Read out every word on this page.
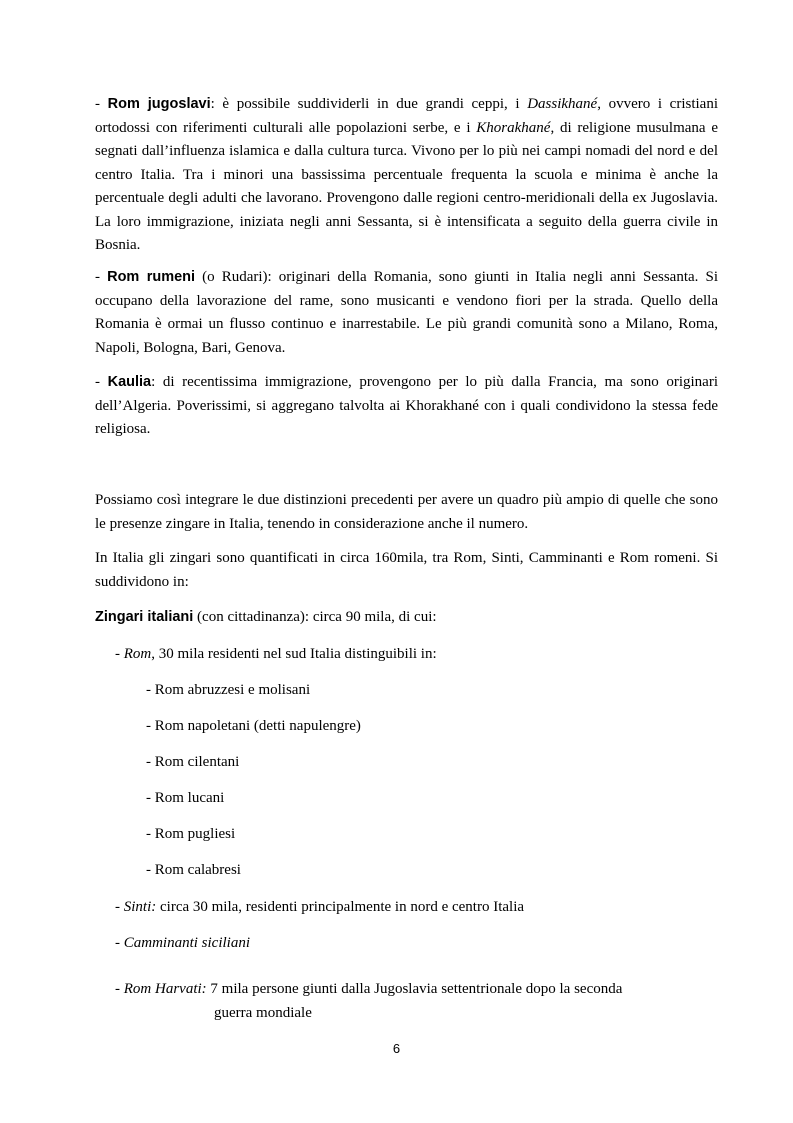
- Rom jugoslavi: è possibile suddividerli in due grandi ceppi, i Dassikhané, ovvero i cristiani ortodossi con riferimenti culturali alle popolazioni serbe, e i Khorakhané, di religione musulmana e segnati dall’influenza islamica e dalla cultura turca. Vivono per lo più nei campi nomadi del nord e del centro Italia. Tra i minori una bassissima percentuale frequenta la scuola e minima è anche la percentuale degli adulti che lavorano. Provengono dalle regioni centro-meridionali della ex Jugoslavia. La loro immigrazione, iniziata negli anni Sessanta, si è intensificata a seguito della guerra civile in Bosnia.

- Rom rumeni (o Rudari): originari della Romania, sono giunti in Italia negli anni Sessanta. Si occupano della lavorazione del rame, sono musicanti e vendono fiori per la strada. Quello della Romania è ormai un flusso continuo e inarrestabile. Le più grandi comunità sono a Milano, Roma, Napoli, Bologna, Bari, Genova.

- Kaulia: di recentissima immigrazione, provengono per lo più dalla Francia, ma sono originari dell’Algeria. Poverissimi, si aggregano talvolta ai Khorakhané con i quali condividono la stessa fede religiosa.

Possiamo così integrare le due distinzioni precedenti per avere un quadro più ampio di quelle che sono le presenze zingare in Italia, tenendo in considerazione anche il numero.

In Italia gli zingari sono quantificati in circa 160mila, tra Rom, Sinti, Camminanti e Rom romeni. Si suddividono in:

Zingari italiani (con cittadinanza): circa 90 mila, di cui:

- Rom, 30 mila residenti nel sud Italia distinguibili in:

- Rom abruzzesi e molisani

- Rom napoletani (detti napulengre)

- Rom cilentani

- Rom lucani

- Rom pugliesi

- Rom calabresi

- Sinti: circa 30 mila, residenti principalmente in nord e centro Italia

- Camminanti siciliani

- Rom Harvati: 7 mila persone giunti dalla Jugoslavia settentrionale dopo la seconda

guerra mondiale

6
